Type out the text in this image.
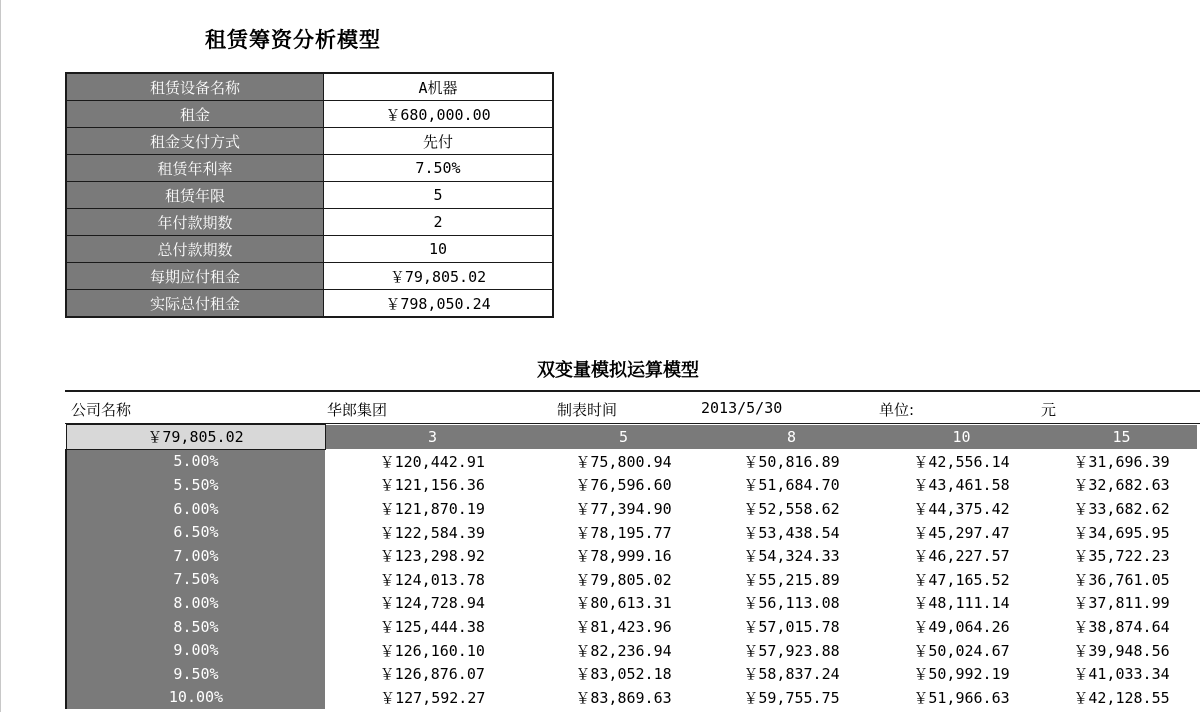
租赁筹资分析模型
租赁设备名称	A机器
租金	￥680,000.00
租金支付方式	先付
租赁年利率	7.50%
租赁年限	5
年付款期数	2
总付款期数	10
每期应付租金	￥79,805.02
实际总付租金	￥798,050.24
双变量模拟运算模型
公司名称	华郎集团	制表时间	2013/5/30	单位:	元
￥79,805.02	3	5	8	10	15
5.00%	￥120,442.91	￥75,800.94	￥50,816.89	￥42,556.14	￥31,696.39
5.50%	￥121,156.36	￥76,596.60	￥51,684.70	￥43,461.58	￥32,682.63
6.00%	￥121,870.19	￥77,394.90	￥52,558.62	￥44,375.42	￥33,682.62
6.50%	￥122,584.39	￥78,195.77	￥53,438.54	￥45,297.47	￥34,695.95
7.00%	￥123,298.92	￥78,999.16	￥54,324.33	￥46,227.57	￥35,722.23
7.50%	￥124,013.78	￥79,805.02	￥55,215.89	￥47,165.52	￥36,761.05
8.00%	￥124,728.94	￥80,613.31	￥56,113.08	￥48,111.14	￥37,811.99
8.50%	￥125,444.38	￥81,423.96	￥57,015.78	￥49,064.26	￥38,874.64
9.00%	￥126,160.10	￥82,236.94	￥57,923.88	￥50,024.67	￥39,948.56
9.50%	￥126,876.07	￥83,052.18	￥58,837.24	￥50,992.19	￥41,033.34
10.00%	￥127,592.27	￥83,869.63	￥59,755.75	￥51,966.63	￥42,128.55
